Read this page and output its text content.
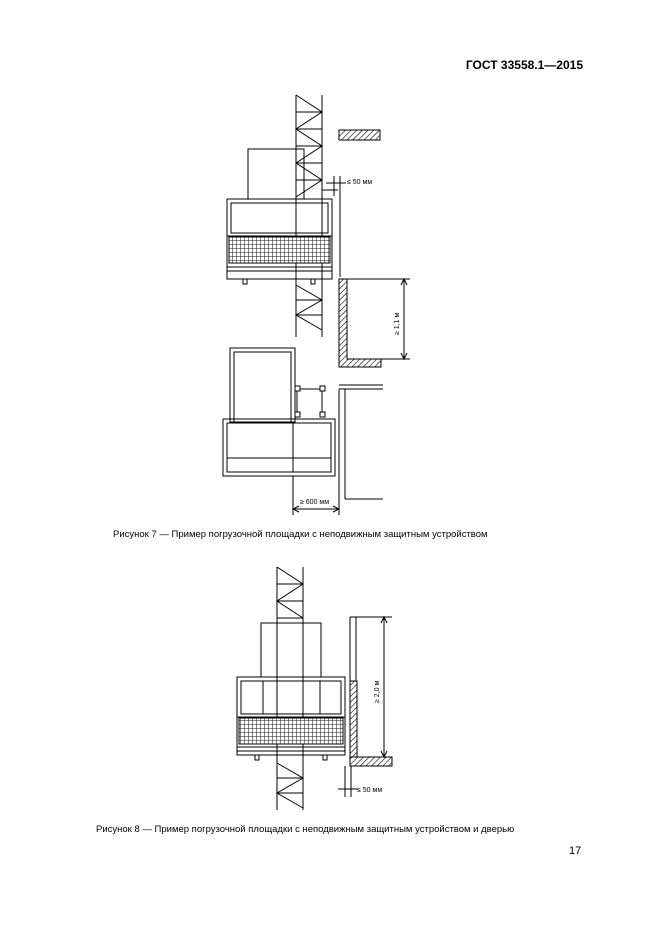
ГОСТ 33558.1—2015
≤ 50 мм
≥ 1,1 м
≥ 600 мм
≥ 2,0 м
≤ 50 мм
Рисунок 7 — Пример погрузочной площадки с неподвижным защитным устройством
Рисунок 8 — Пример погрузочной площадки с неподвижным защитным устройством и дверью
17
